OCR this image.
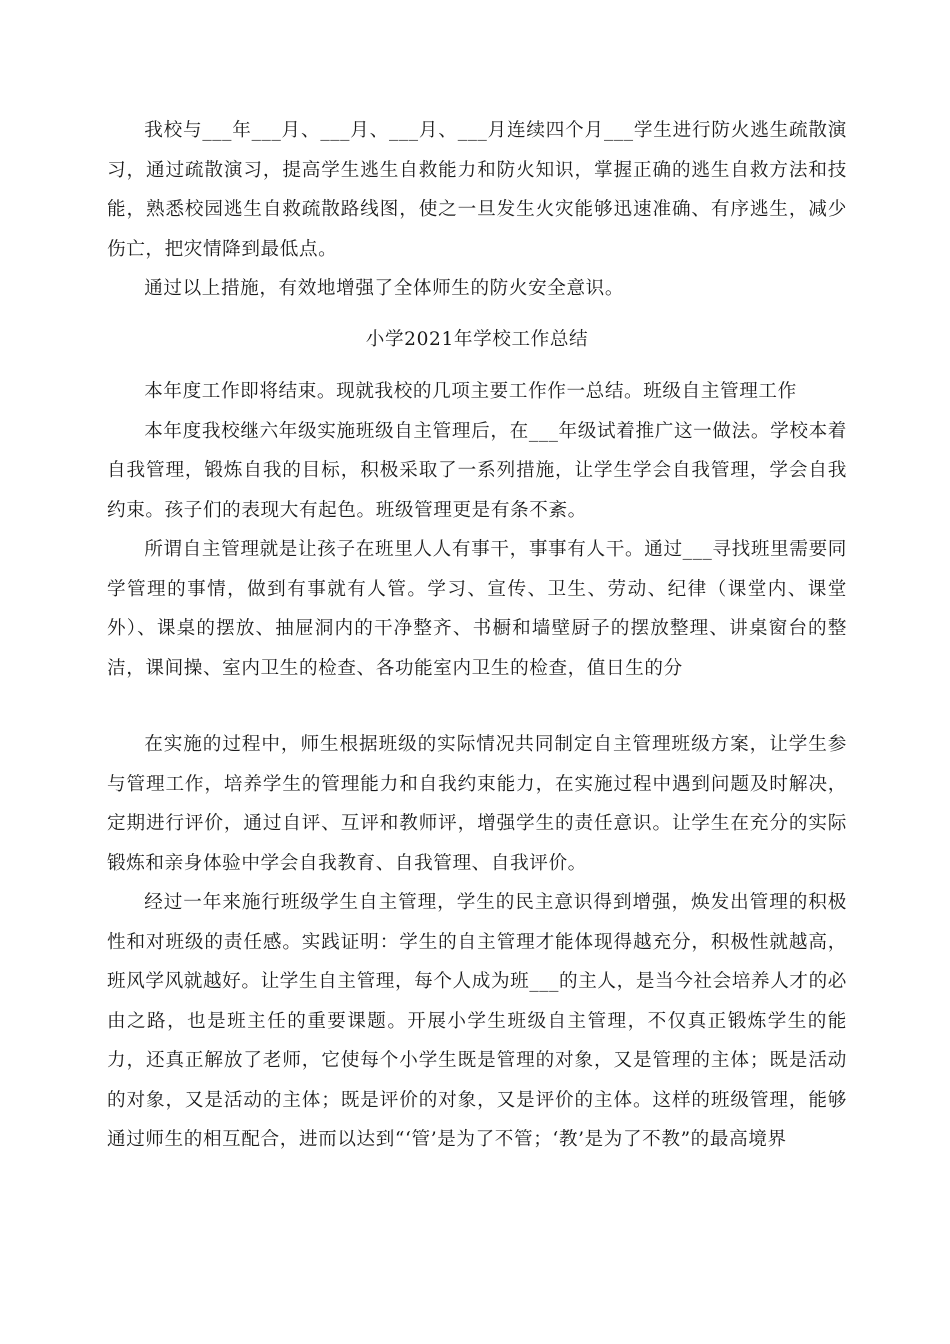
我校与___年___月、___月、___月、___月连续四个月___学生进行防火逃生疏散演习，通过疏散演习，提高学生逃生自救能力和防火知识，掌握正确的逃生自救方法和技能，熟悉校园逃生自救疏散路线图，使之一旦发生火灾能够迅速准确、有序逃生，减少伤亡，把灾情降到最低点。

通过以上措施，有效地增强了全体师生的防火安全意识。

小学2021年学校工作总结

本年度工作即将结束。现就我校的几项主要工作作一总结。班级自主管理工作

本年度我校继六年级实施班级自主管理后，在___年级试着推广这一做法。学校本着自我管理，锻炼自我的目标，积极采取了一系列措施，让学生学会自我管理，学会自我约束。孩子们的表现大有起色。班级管理更是有条不紊。

所谓自主管理就是让孩子在班里人人有事干，事事有人干。通过___寻找班里需要同学管理的事情，做到有事就有人管。学习、宣传、卫生、劳动、纪律（课堂内、课堂外）、课桌的摆放、抽屉洞内的干净整齐、书橱和墙壁厨子的摆放整理、讲桌窗台的整洁，课间操、室内卫生的检查、各功能室内卫生的检查，值日生的分

在实施的过程中，师生根据班级的实际情况共同制定自主管理班级方案，让学生参与管理工作，培养学生的管理能力和自我约束能力，在实施过程中遇到问题及时解决，定期进行评价，通过自评、互评和教师评，增强学生的责任意识。让学生在充分的实际锻炼和亲身体验中学会自我教育、自我管理、自我评价。

经过一年来施行班级学生自主管理，学生的民主意识得到增强，焕发出管理的积极性和对班级的责任感。实践证明：学生的自主管理才能体现得越充分，积极性就越高，班风学风就越好。让学生自主管理，每个人成为班___的主人，是当今社会培养人才的必由之路，也是班主任的重要课题。开展小学生班级自主管理，不仅真正锻炼学生的能力，还真正解放了老师，它使每个小学生既是管理的对象，又是管理的主体；既是活动的对象，又是活动的主体；既是评价的对象，又是评价的主体。这样的班级管理，能够通过师生的相互配合，进而以达到“‘管’是为了不管；‘教’是为了不教”的最高境界
